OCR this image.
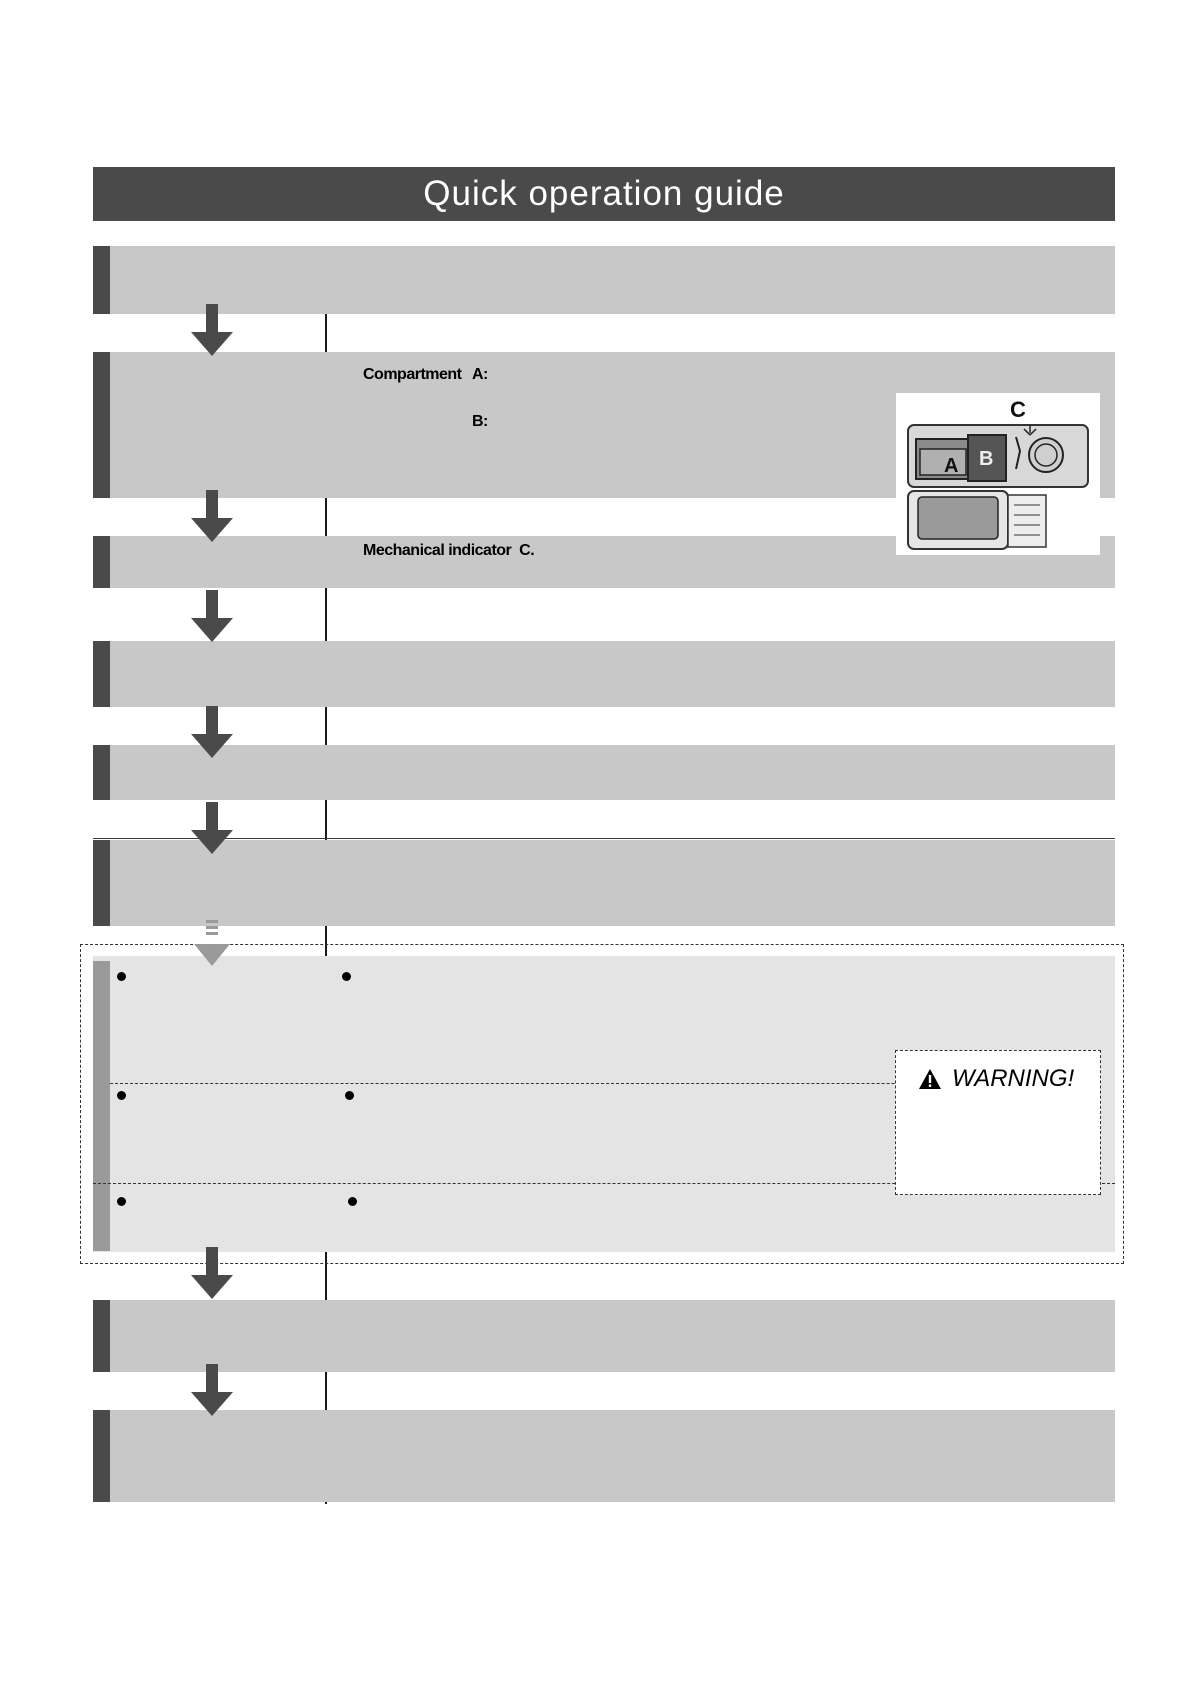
Quick operation guide
Compartment A:
B:
Mechanical indicator C.
A B
C
WARNING!
